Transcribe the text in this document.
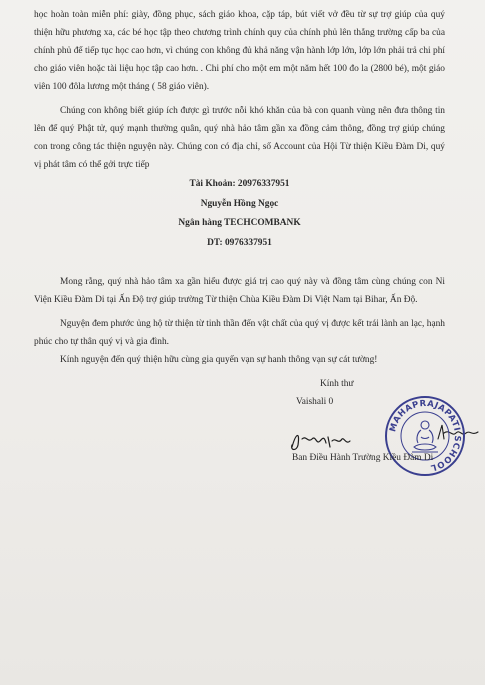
học hoàn toàn miễn phí: giày, đồng phục, sách giáo khoa, cặp táp, bút viết vở đều từ sự trợ giúp của quý thiện hữu phương xa, các bé học tập theo chương trình chính quy của chính phủ lên thẳng trường cấp ba của chính phủ để tiếp tục học cao hơn, vì chúng con không đủ khả năng vận hành lớp lớn, lớp lớn phải trả chi phí cho giáo viên hoặc tài liệu học tập cao hơn. . Chi phí cho một em một năm hết 100 đo la (2800 bé), một giáo viên 100 đôla lương một tháng ( 58 giáo viên).

Chúng con không biết giúp ích được gì trước nỗi khó khăn của bà con quanh vùng nên đưa thông tin lên để quý Phật tử, quý mạnh thường quân, quý nhà hảo tâm gần xa đồng cảm thông, đồng trợ giúp chúng con trong công tác thiện nguyện này. Chúng con có địa chỉ, số Account của Hội Từ thiện Kiều Đàm Di, quý vị phát tâm có thể gởi trực tiếp

Tài Khoản: 20976337951
Nguyễn Hồng Ngọc
Ngân hàng TECHCOMBANK
DT: 0976337951

Mong rằng, quý nhà hảo tâm xa gần hiểu được giá trị cao quý này và đồng tâm cùng chúng con Ni Viện Kiều Đàm Di tại Ấn Độ trợ giúp trường Từ thiện Chùa Kiều Đàm Di Việt Nam tại Bihar, Ấn Độ.

Nguyện đem phước ủng hộ từ thiện từ tinh thần đến vật chất của quý vị được kết trái lành an lạc, hạnh phúc cho tự thân quý vị và gia đình.

Kính nguyện đến quý thiện hữu cùng gia quyến vạn sự hanh thông vạn sự cát tường!

Kính thư
Vaishali 0
MAHAPRAJAPATI SCHOOL
Ban Điều Hành Trường Kiều Đàm Di
